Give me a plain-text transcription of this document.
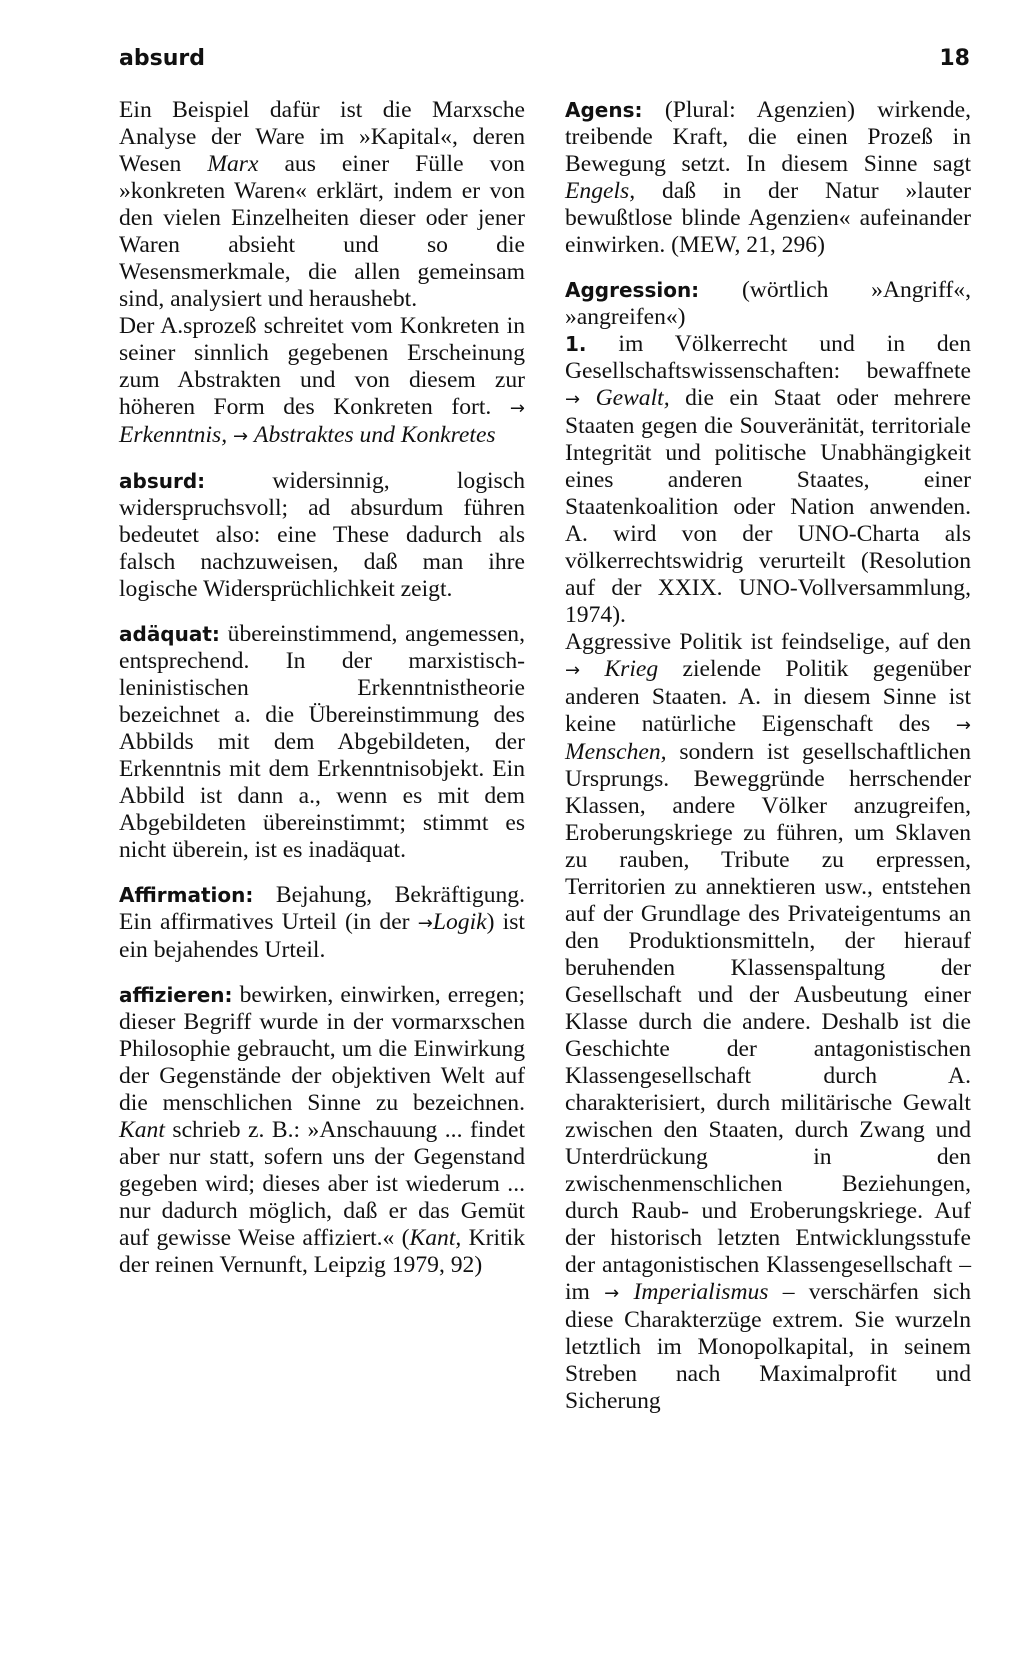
absurd	18

Ein Beispiel dafür ist die Marxsche Analyse der Ware im »Kapital«, deren Wesen Marx aus einer Fülle von »konkreten Waren« erklärt, indem er von den vielen Einzelheiten dieser oder jener Waren absieht und so die Wesensmerkmale, die allen gemeinsam sind, analysiert und heraushebt.

Der A.sprozeß schreitet vom Konkreten in seiner sinnlich gegebenen Erscheinung zum Abstrakten und von diesem zur höheren Form des Konkreten fort. → Erkenntnis, → Abstraktes und Konkretes

absurd:	widersinnig, logisch widerspruchsvoll; ad absurdum führen bedeutet also: eine These dadurch als falsch nachzuweisen, daß man ihre logische Widersprüchlichkeit zeigt.

adäquat: übereinstimmend, angemessen, entsprechend. In der marxistisch-leninistischen Erkenntnistheorie bezeichnet a. die Übereinstimmung des Abbilds mit dem Abgebildeten, der Erkenntnis mit dem Erkenntnisobjekt. Ein Abbild ist dann a., wenn es mit dem Abgebildeten übereinstimmt; stimmt es nicht überein, ist es inadäquat.

Affirmation: Bejahung, Bekräftigung. Ein affirmatives Urteil (in der →Logik) ist ein bejahendes Urteil.

affizieren: bewirken, einwirken, erregen; dieser Begriff wurde in der vormarxschen Philosophie gebraucht, um die Einwirkung der Gegenstände der objektiven Welt auf die menschlichen Sinne zu bezeichnen. Kant schrieb z. B.: »Anschauung ... findet aber nur statt, sofern uns der Gegenstand gegeben wird; dieses aber ist wiederum ... nur dadurch möglich, daß er das Gemüt auf gewisse Weise affiziert.« (Kant, Kritik der reinen Vernunft, Leipzig 1979, 92)

Agens: (Plural: Agenzien) wirkende, treibende Kraft, die einen Prozeß in Bewegung setzt. In diesem Sinne sagt Engels, daß in der Natur »lauter bewußtlose blinde Agenzien« aufeinander einwirken. (MEW, 21, 296)

Aggression: (wörtlich »Angriff«, »angreifen«)
1. im Völkerrecht und in den Gesellschaftswissenschaften: bewaffnete → Gewalt, die ein Staat oder mehrere Staaten gegen die Souveränität, territoriale Integrität und politische Unabhängigkeit eines anderen Staates, einer Staatenkoalition oder Nation anwenden. A. wird von der UNO-Charta als völkerrechtswidrig verurteilt (Resolution auf der XXIX. UNO-Vollversammlung, 1974).

Aggressive Politik ist feindselige, auf den → Krieg zielende Politik gegenüber anderen Staaten. A. in diesem Sinne ist keine natürliche Eigenschaft des → Menschen, sondern ist gesellschaftlichen Ursprungs. Beweggründe herrschender Klassen, andere Völker anzugreifen, Eroberungskriege zu führen, um Sklaven zu rauben, Tribute zu erpressen, Territorien zu annektieren usw., entstehen auf der Grundlage des Privateigentums an den Produktionsmitteln, der hierauf beruhenden Klassenspaltung der Gesellschaft und der Ausbeutung einer Klasse durch die andere. Deshalb ist die Geschichte der antagonistischen Klassengesellschaft durch A. charakterisiert, durch militärische Gewalt zwischen den Staaten, durch Zwang und Unterdrückung in den zwischenmenschlichen Beziehungen, durch Raub- und Eroberungskriege. Auf der historisch letzten Entwicklungsstufe der antagonistischen Klassengesellschaft – im → Imperialismus – verschärfen sich diese Charakterzüge extrem. Sie wurzeln letztlich im Monopolkapital, in seinem Streben nach Maximalprofit und Sicherung
